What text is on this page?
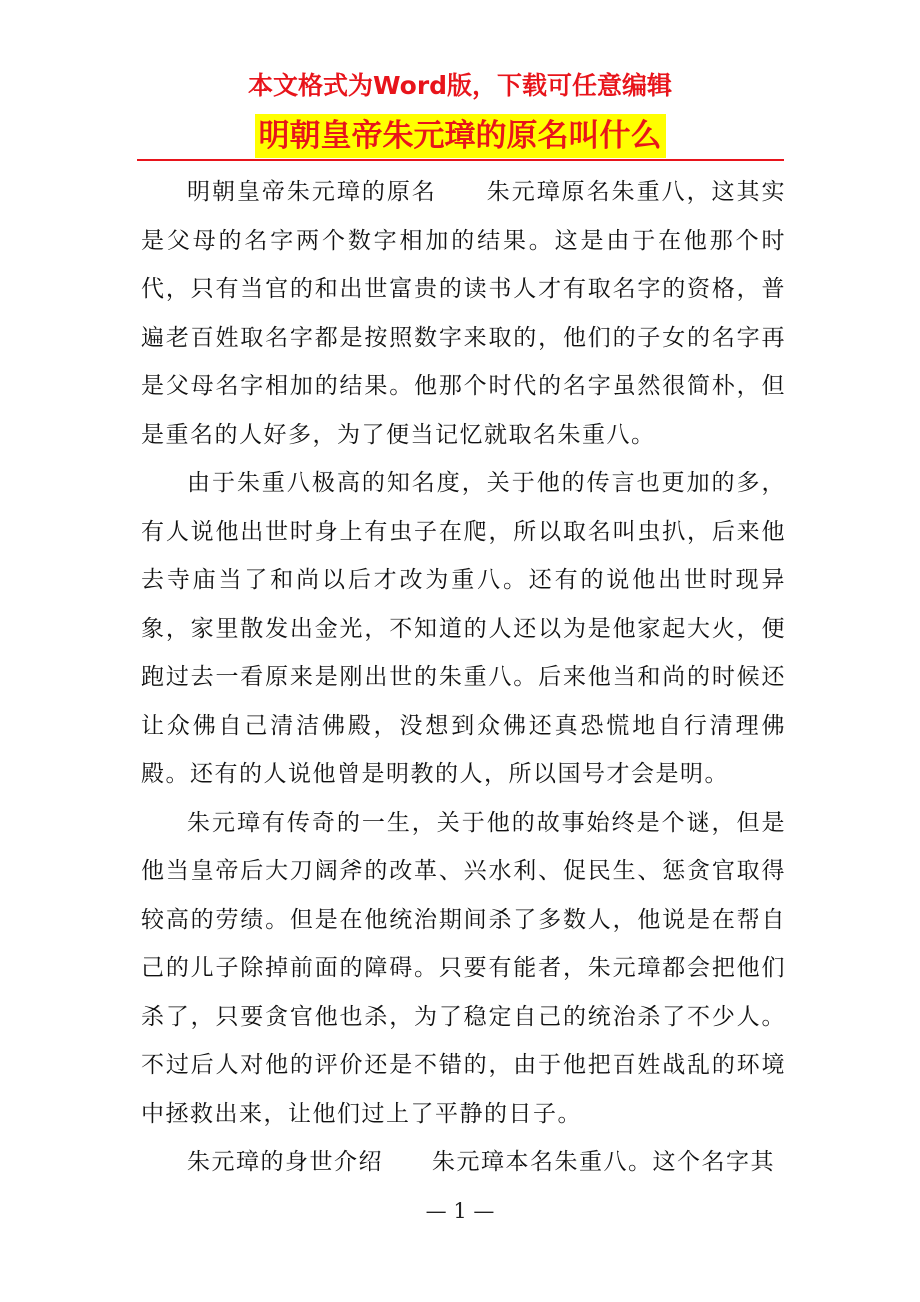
本文格式为Word版，下载可任意编辑
明朝皇帝朱元璋的原名叫什么

明朝皇帝朱元璋的原名　　朱元璋原名朱重八，这其实是父母的名字两个数字相加的结果。这是由于在他那个时代，只有当官的和出世富贵的读书人才有取名字的资格，普遍老百姓取名字都是按照数字来取的，他们的子女的名字再是父母名字相加的结果。他那个时代的名字虽然很简朴，但是重名的人好多，为了便当记忆就取名朱重八。

由于朱重八极高的知名度，关于他的传言也更加的多，有人说他出世时身上有虫子在爬，所以取名叫虫扒，后来他去寺庙当了和尚以后才改为重八。还有的说他出世时现异象，家里散发出金光，不知道的人还以为是他家起大火，便跑过去一看原来是刚出世的朱重八。后来他当和尚的时候还让众佛自己清洁佛殿，没想到众佛还真恐慌地自行清理佛殿。还有的人说他曾是明教的人，所以国号才会是明。

朱元璋有传奇的一生，关于他的故事始终是个谜，但是他当皇帝后大刀阔斧的改革、兴水利、促民生、惩贪官取得较高的劳绩。但是在他统治期间杀了多数人，他说是在帮自己的儿子除掉前面的障碍。只要有能者，朱元璋都会把他们杀了，只要贪官他也杀，为了稳定自己的统治杀了不少人。不过后人对他的评价还是不错的，由于他把百姓战乱的环境中拯救出来，让他们过上了平静的日子。

朱元璋的身世介绍　　朱元璋本名朱重八。这个名字其

— 1 —
